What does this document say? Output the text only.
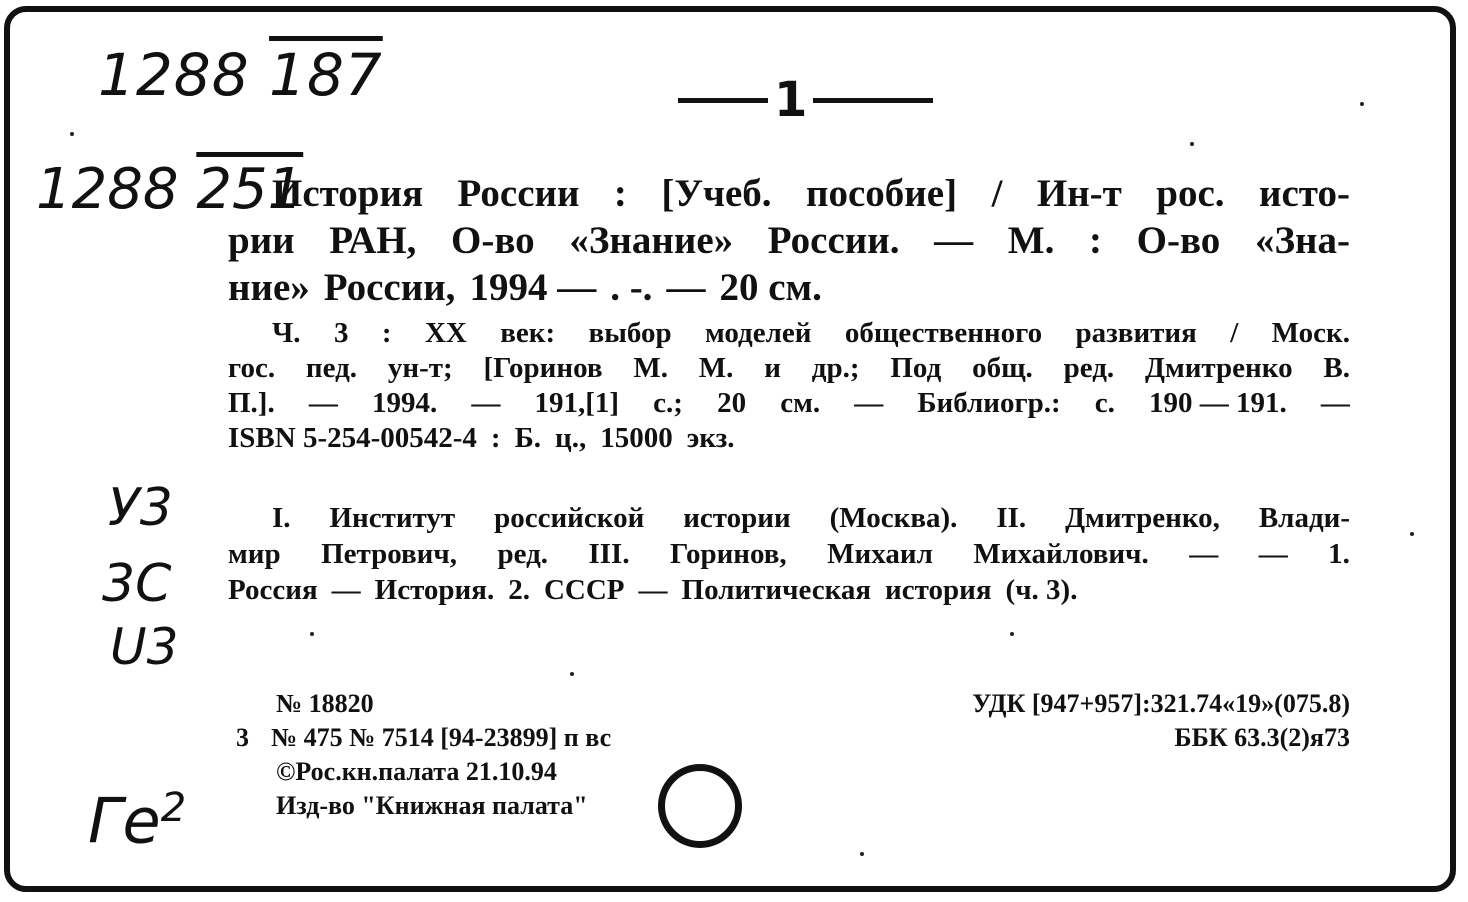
1288 187	1
1288 251
История России : [Учеб. пособие] / Ин-т рос. исто-
рии РАН, О-во «Знание» России. — М. : О-во «Зна-
ние» России, 1994 — . -. — 20 см.
Ч. 3 : XX век: выбор моделей общественного развития / Моск.
гос. пед. ун-т; [Горинов М. М. и др.; Под общ. ред. Дмитренко В.
П.]. — 1994. — 191,[1] с.; 20 см. — Библиогр.: с. 190 — 191. —
ISBN 5-254-00542-4 : Б. ц., 15000 экз.
У3
3С
U3
I. Институт российской истории (Москва). II. Дмитренко, Влади-
мир Петрович, ред. III. Горинов, Михаил Михайлович. — — 1.
Россия — История. 2. СССР — Политическая история (ч. 3).
№ 18820
3 № 475 № 7514 [94-23899] п вс
©Рос.кн.палата 21.10.94
Изд-во "Книжная палата"
УДК [947+957]:321.74«19»(075.8)
ББК 63.3(2)я73
$Ге^2$
